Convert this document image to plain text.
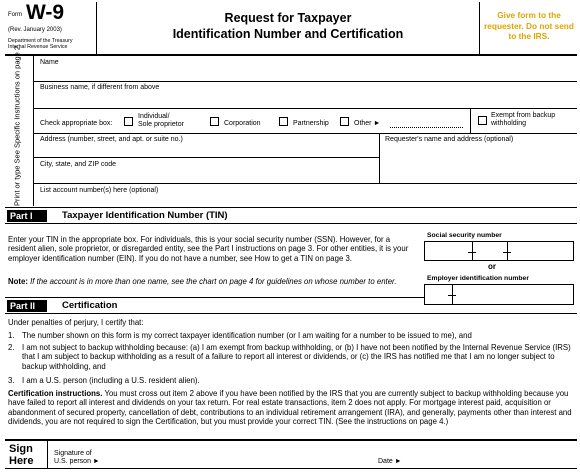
Form W-9
(Rev. January 2003)
Department of the Treasury
Internal Revenue Service
Request for Taxpayer
Identification Number and Certification
Give form to the requester. Do not send to the IRS.
Print or type See Specific Instructions on page 2.	Name
Business name, if different from above
Check appropriate box:
Individual/
Sole proprietor	Corporation	Partnership	Other ►
Exempt from backup
withholding
Address (number, street, and apt. or suite no.)	Requester's name and address (optional)
City, state, and ZIP code
List account number(s) here (optional)
Part I	Taxpayer Identification Number (TIN)
Enter your TIN in the appropriate box. For individuals, this is your social security number (SSN). However, for a resident alien, sole proprietor, or disregarded entity, see the Part I instructions on page 3. For other entities, it is your employer identification number (EIN). If you do not have a number, see How to get a TIN on page 3.
Note: If the account is in more than one name, see the chart on page 4 for guidelines on whose number to enter.
Social security number
or
Employer identification number
Part II	Certification
Under penalties of perjury, I certify that:
1. The number shown on this form is my correct taxpayer identification number (or I am waiting for a number to be issued to me), and
2. I am not subject to backup withholding because: (a) I am exempt from backup withholding, or (b) I have not been notified by the Internal Revenue Service (IRS) that I am subject to backup withholding as a result of a failure to report all interest or dividends, or (c) the IRS has notified me that I am no longer subject to backup withholding, and
3. I am a U.S. person (including a U.S. resident alien).
Certification instructions. You must cross out item 2 above if you have been notified by the IRS that you are currently subject to backup withholding because you have failed to report all interest and dividends on your tax return. For real estate transactions, item 2 does not apply. For mortgage interest paid, acquisition or abandonment of secured property, cancellation of debt, contributions to an individual retirement arrangement (IRA), and generally, payments other than interest and dividends, you are not required to sign the Certification, but you must provide your correct TIN. (See the instructions on page 4.)
Sign
Here
Signature of
U.S. person ►	Date ►
